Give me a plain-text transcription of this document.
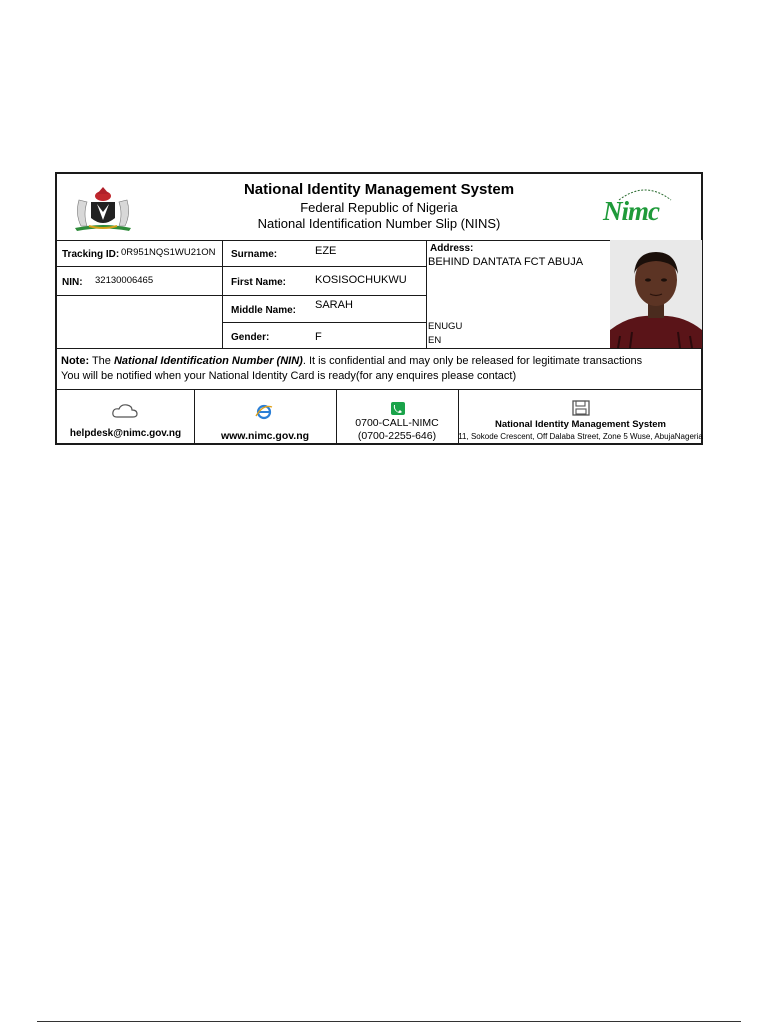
National Identity Management System
Federal Republic of Nigeria
National Identification Number Slip (NINS)	Nimc
Tracking ID: 0R951NQS1WU21ON
NIN: 32130006465
Surname:	EZE
First Name:	KOSISOCHUKWU
Middle Name: SARAH
Gender:	F
Address:
BEHIND DANTATA FCT ABUJA
ENUGU
EN
Note: The National Identification Number (NIN). It is confidential and may only be released for legitimate transactions
You will be notified when your National Identity Card is ready(for any enquires please contact)
helpdesk@nimc.gov.ng	www.nimc.gov.ng
0700-CALL-NIMC
(0700-2255-646)
National Identity Management System
11, Sokode Crescent, Off Dalaba Street, Zone 5 Wuse, AbujaNageria
